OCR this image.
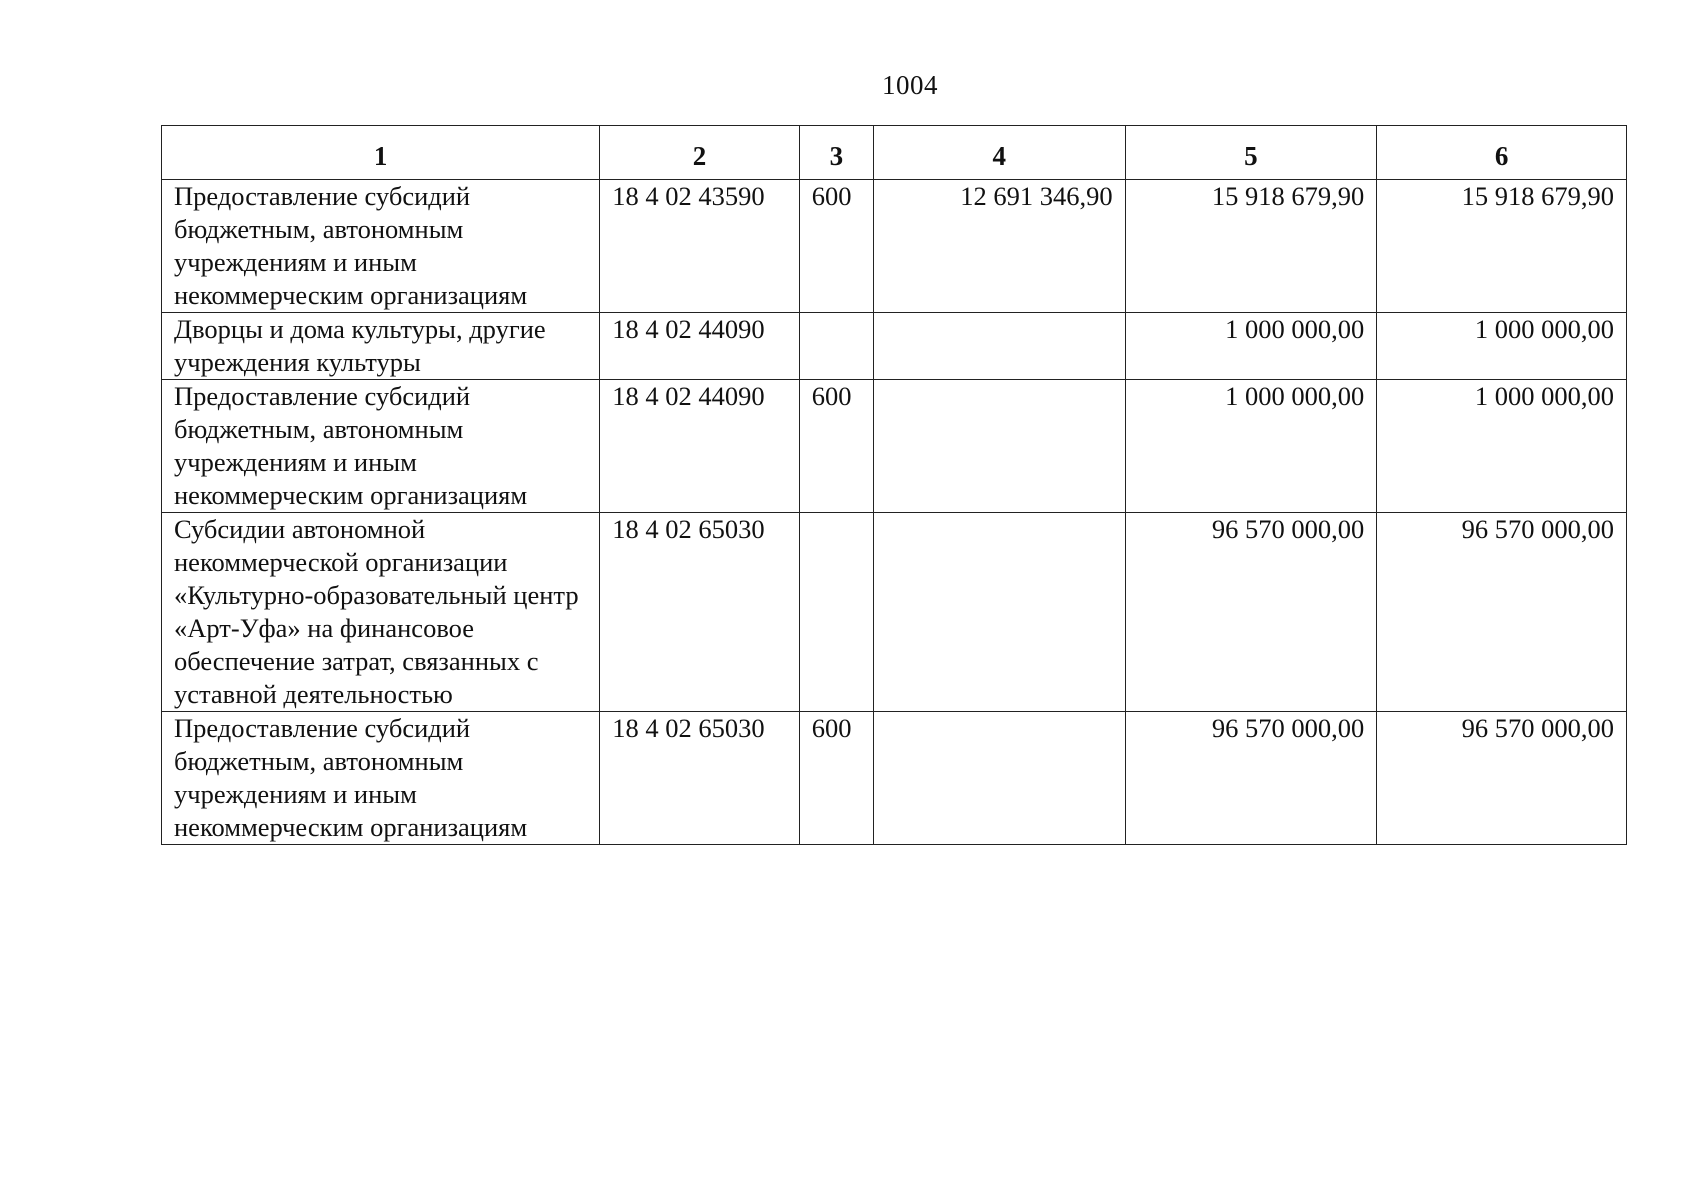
1004
1	2	3	4	5	6
Предоставление субсидий бюджетным, автономным учреждениям и иным некоммерческим организациям	18 4 02 43590	600	12 691 346,90	15 918 679,90	15 918 679,90
Дворцы и дома культуры, другие учреждения культуры	18 4 02 44090			1 000 000,00	1 000 000,00
Предоставление субсидий бюджетным, автономным учреждениям и иным некоммерческим организациям	18 4 02 44090	600		1 000 000,00	1 000 000,00
Субсидии автономной некоммерческой организации «Культурно-образовательный центр «Арт-Уфа» на финансовое обеспечение затрат, связанных с уставной деятельностью	18 4 02 65030			96 570 000,00	96 570 000,00
Предоставление субсидий бюджетным, автономным учреждениям и иным некоммерческим организациям	18 4 02 65030	600		96 570 000,00	96 570 000,00
